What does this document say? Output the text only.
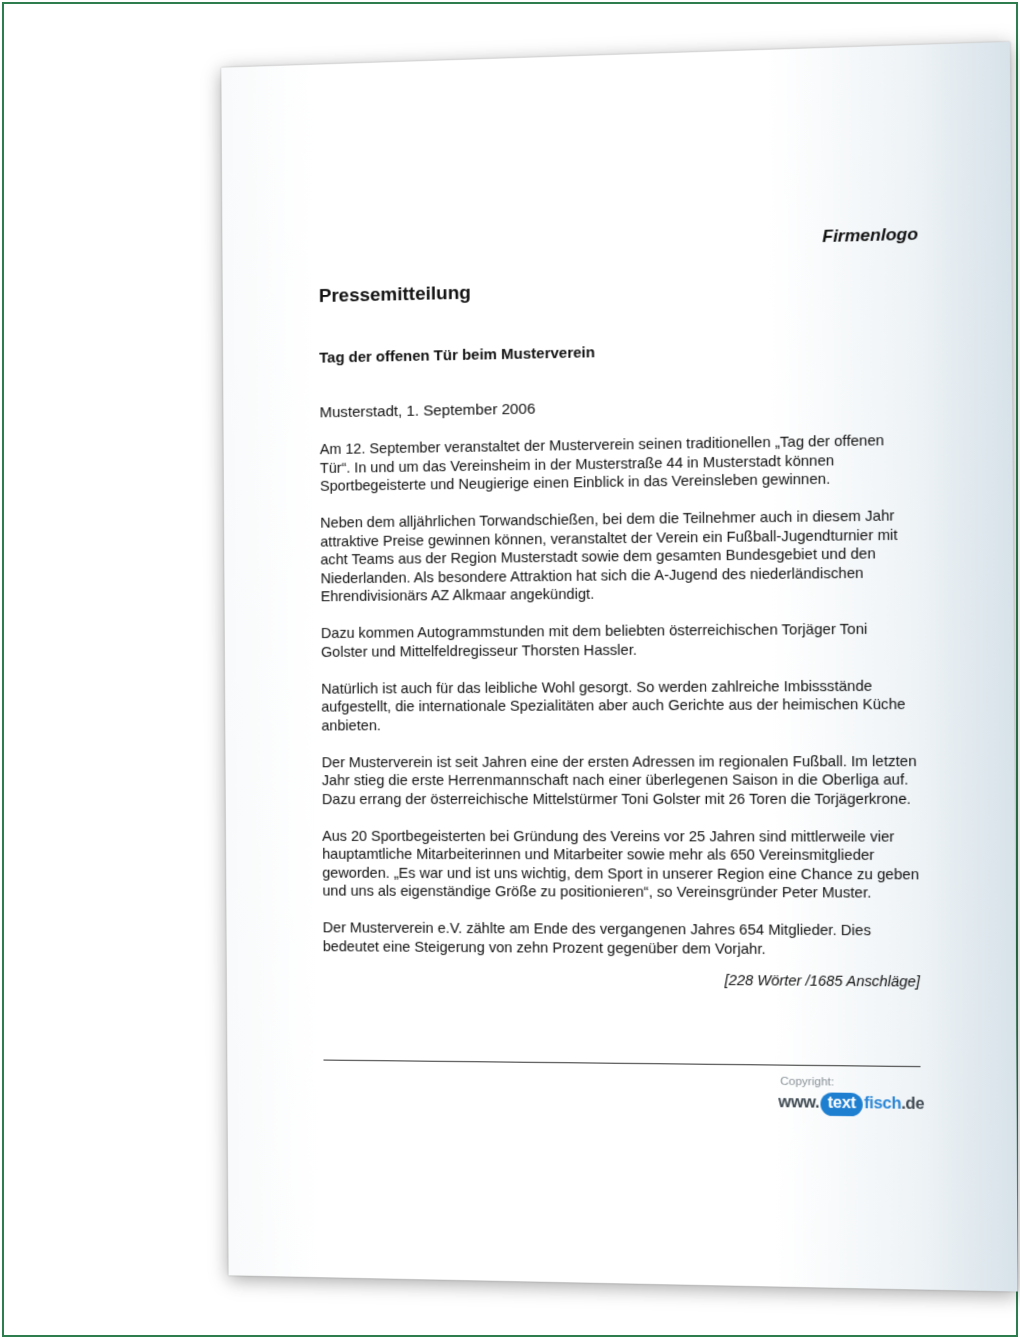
Firmenlogo
Pressemitteilung
Tag der offenen Tür beim Musterverein

Musterstadt, 1. September 2006

Am 12. September veranstaltet der Musterverein seinen traditionellen „Tag der offenen Tür“. In und um das Vereinsheim in der Musterstraße 44 in Musterstadt können Sportbegeisterte und Neugierige einen Einblick in das Vereinsleben gewinnen.

Neben dem alljährlichen Torwandschießen, bei dem die Teilnehmer auch in diesem Jahr attraktive Preise gewinnen können, veranstaltet der Verein ein Fußball-Jugendturnier mit acht Teams aus der Region Musterstadt sowie dem gesamten Bundesgebiet und den Niederlanden. Als besondere Attraktion hat sich die A-Jugend des niederländischen Ehrendivisionärs AZ Alkmaar angekündigt.

Dazu kommen Autogrammstunden mit dem beliebten österreichischen Torjäger Toni Golster und Mittelfeldregisseur Thorsten Hassler.

Natürlich ist auch für das leibliche Wohl gesorgt. So werden zahlreiche Imbissstände aufgestellt, die internationale Spezialitäten aber auch Gerichte aus der heimischen Küche anbieten.

Der Musterverein ist seit Jahren eine der ersten Adressen im regionalen Fußball. Im letzten Jahr stieg die erste Herrenmannschaft nach einer überlegenen Saison in die Oberliga auf. Dazu errang der österreichische Mittelstürmer Toni Golster mit 26 Toren die Torjägerkrone.

Aus 20 Sportbegeisterten bei Gründung des Vereins vor 25 Jahren sind mittlerweile vier hauptamtliche Mitarbeiterinnen und Mitarbeiter sowie mehr als 650 Vereinsmitglieder geworden. „Es war und ist uns wichtig, dem Sport in unserer Region eine Chance zu geben und uns als eigenständige Größe zu positionieren“, so Vereinsgründer Peter Muster.

Der Musterverein e.V. zählte am Ende des vergangenen Jahres 654 Mitglieder. Dies bedeutet eine Steigerung von zehn Prozent gegenüber dem Vorjahr.

[228 Wörter /1685 Anschläge]

Copyright:
www. text fisch.de
